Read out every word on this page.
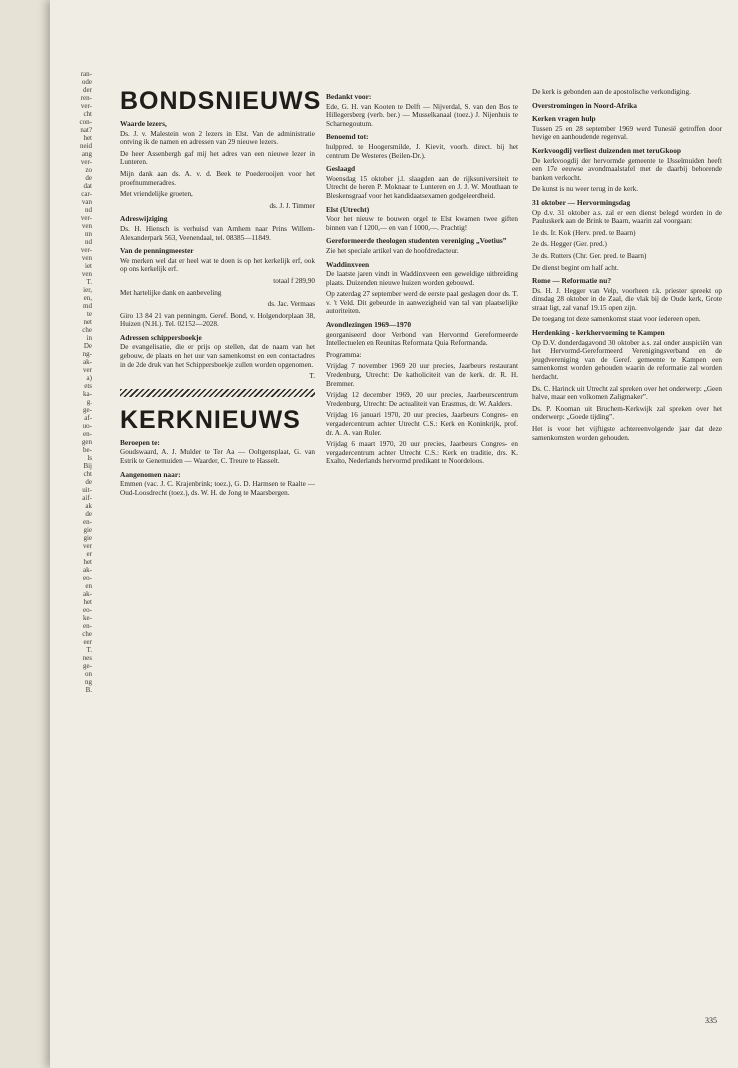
ran-
ode
der
ren-
ver-
cht
con-
nat?
het
neid
ang
ver-
zo
de
dat
car-
van
nd
ver-
ven
nn
nd
ver-
ven
iet
ven
T.
ier,
en,
md
te
net
che
in
De
ng-
ak-
ver
a)
ets
ka-
g.
ge-
af-
uo-
en-
gen
be-
ls
Bij
cht
de
uit-
aif-
ak
de
en-
gie
gie
ver
er
het
ak-
eo-
en
ak-
het
eo-
ke-
en-
che
eer
T.
nes
ge-
on
ng
B.
BONDSNIEUWS
Waarde lezers,

Ds. J. v. Malestein won 2 lezers in Elst. Van de administratie ontving ik de namen en adressen van 29 nieuwe lezers.

De heer Assenbergh gaf mij het adres van een nieuwe lezer in Lunteren.

Mijn dank aan ds. A. v. d. Beek te Poederooijen voor het proefnummeradres.

Met vriendelijke groeten,

ds. J. J. Timmer

Adreswijziging

Ds. H. Hiensch is verhuisd van Arnhem naar Prins Willem-Alexanderpark 563, Veenendaal, tel. 08385—11849.

Van de penningmeester

We merken wel dat er heel wat te doen is op het kerkelijk erf, ook op ons kerkelijk erf.

totaal f 289,90

Met hartelijke dank en aanbeveling

ds. Jac. Vermaas

Giro 13 84 21 van penningm. Geref. Bond, v. Holgendorplaan 38, Huizen (N.H.). Tel. 02152—2028.

Adressen schippersboekje

De evangelisatie, die er prijs op stellen, dat de naam van het gebouw, de plaats en het uur van samenkomst en een contactadres in de 2de druk van het Schippersboekje zullen worden opgenomen.

T.

KERKNIEUWS
Beroepen te:

Goudswaard, A. J. Mulder te Ter Aa — Ooltgensplaat, G. van Estrik te Genemuiden — Waarder, C. Treure te Hasselt.

Aangenomen naar:

Emmen (vac. J. C. Krajenbrink; toez.), G. D. Harmsen te Raalte — Oud-Loosdrecht (toez.), ds. W. H. de Jong te Maarsbergen.

Bedankt voor:

Ede, G. H. van Kooten te Delft — Nijverdal, S. van den Bos te Hillegersberg (verb. ber.) — Musselkanaal (toez.) J. Nijenhuis te Scharnegoutum.

Benoemd tot:

hulppred. te Hoogersmilde, J. Kievit, voorh. direct. bij het centrum De Westeres (Beilen-Dr.).

Geslaagd

Woensdag 15 oktober j.l. slaagden aan de rijksuniversiteit te Utrecht de heren P. Moknaar te Lunteren en J. J. W. Mouthaan te Bleskensgraaf voor het kandidaatsexamen godgeleerdheid.

Elst (Utrecht)

Voor het nieuw te bouwen orgel te Elst kwamen twee giften binnen van f 1200,— en van f 1000,—. Prachtig!

Gereformeerde theologen studenten vereniging „Voetius”

Zie het speciale artikel van de hoofdredacteur.

Waddinxveen

De laatste jaren vindt in Waddinxveen een geweldige uitbreiding plaats. Duizenden nieuwe huizen worden gebouwd.

Op zaterdag 27 september werd de eerste paal geslagen door ds. T. v. 't Veld. Dit gebeurde in aanwezigheid van tal van plaatselijke autoriteiten.

Avondlezingen 1969—1970

georganiseerd door Verbond van Hervormd Gereformeerde Intellectuelen en Reunitas Reformata Quia Reformanda.

Programma:

Vrijdag 7 november 1969 20 uur precies, Jaarbeurs restaurant Vredenburg, Utrecht: De katholiciteit van de kerk. dr. R. H. Bremmer.

Vrijdag 12 december 1969, 20 uur precies, Jaarbeurscentrum Vredenburg, Utrecht: De actualiteit van Erasmus, dr. W. Aalders.

Vrijdag 16 januari 1970, 20 uur precies, Jaarbeurs Congres- en vergadercentrum achter Utrecht C.S.: Kerk en Koninkrijk, prof. dr. A. A. van Ruler.

Vrijdag 6 maart 1970, 20 uur precies, Jaarbeurs Congres- en vergadercentrum achter Utrecht C.S.: Kerk en traditie, drs. K. Exalto, Nederlands hervormd predikant te Noordeloos.

De kerk is gebonden aan de apostolische verkondiging.

Overstromingen in Noord-Afrika
Kerken vragen hulp

Tussen 25 en 28 september 1969 werd Tunesië getroffen door hevige en aanhoudende regenval.

Kerkvoogdij verliest duizenden met teruGkoop

De kerkvoogdij der hervormde gemeente te IJsselmuiden heeft een 17e eeuwse avondmaalstafel met de daarbij behorende banken verkocht.

De kunst is nu weer terug in de kerk.

31 oktober — Hervormingsdag

Op d.v. 31 oktober a.s. zal er een dienst belegd worden in de Pauluskerk aan de Brink te Baarn, waarin zal voorgaan:

1e ds. Ir. Kok (Herv. pred. te Baarn)

2e ds. Hegger (Ger. pred.)

3e ds. Rutters (Chr. Ger. pred. te Baarn)

De dienst begint om half acht.

Rome — Reformatie nu?

Ds. H. J. Hegger van Velp, voorheen r.k. priester spreekt op dinsdag 28 oktober in de Zaal, die vlak bij de Oude kerk, Grote straat ligt, zal vanaf 19.15 open zijn.

De toegang tot deze samenkomst staat voor iedereen open.

Herdenking - kerkhervorming te Kampen

Op D.V. donderdagavond 30 oktober a.s. zal onder auspiciën van het Hervormd-Gereformeerd Verenigingsverband en de jeugdvereniging van de Geref. gemeente te Kampen een samenkomst worden gehouden waarin de reformatie zal worden herdacht.

Ds. C. Harinck uit Utrecht zal spreken over het onderwerp: „Geen halve, maar een volkomen Zaligmaker”.

Ds. P. Kooman uit Bruchem-Kerkwijk zal spreken over het onderwerp: „Goede tijding”.

Het is voor het vijftigste achtereenvolgende jaar dat deze samenkomsten worden gehouden.

335
